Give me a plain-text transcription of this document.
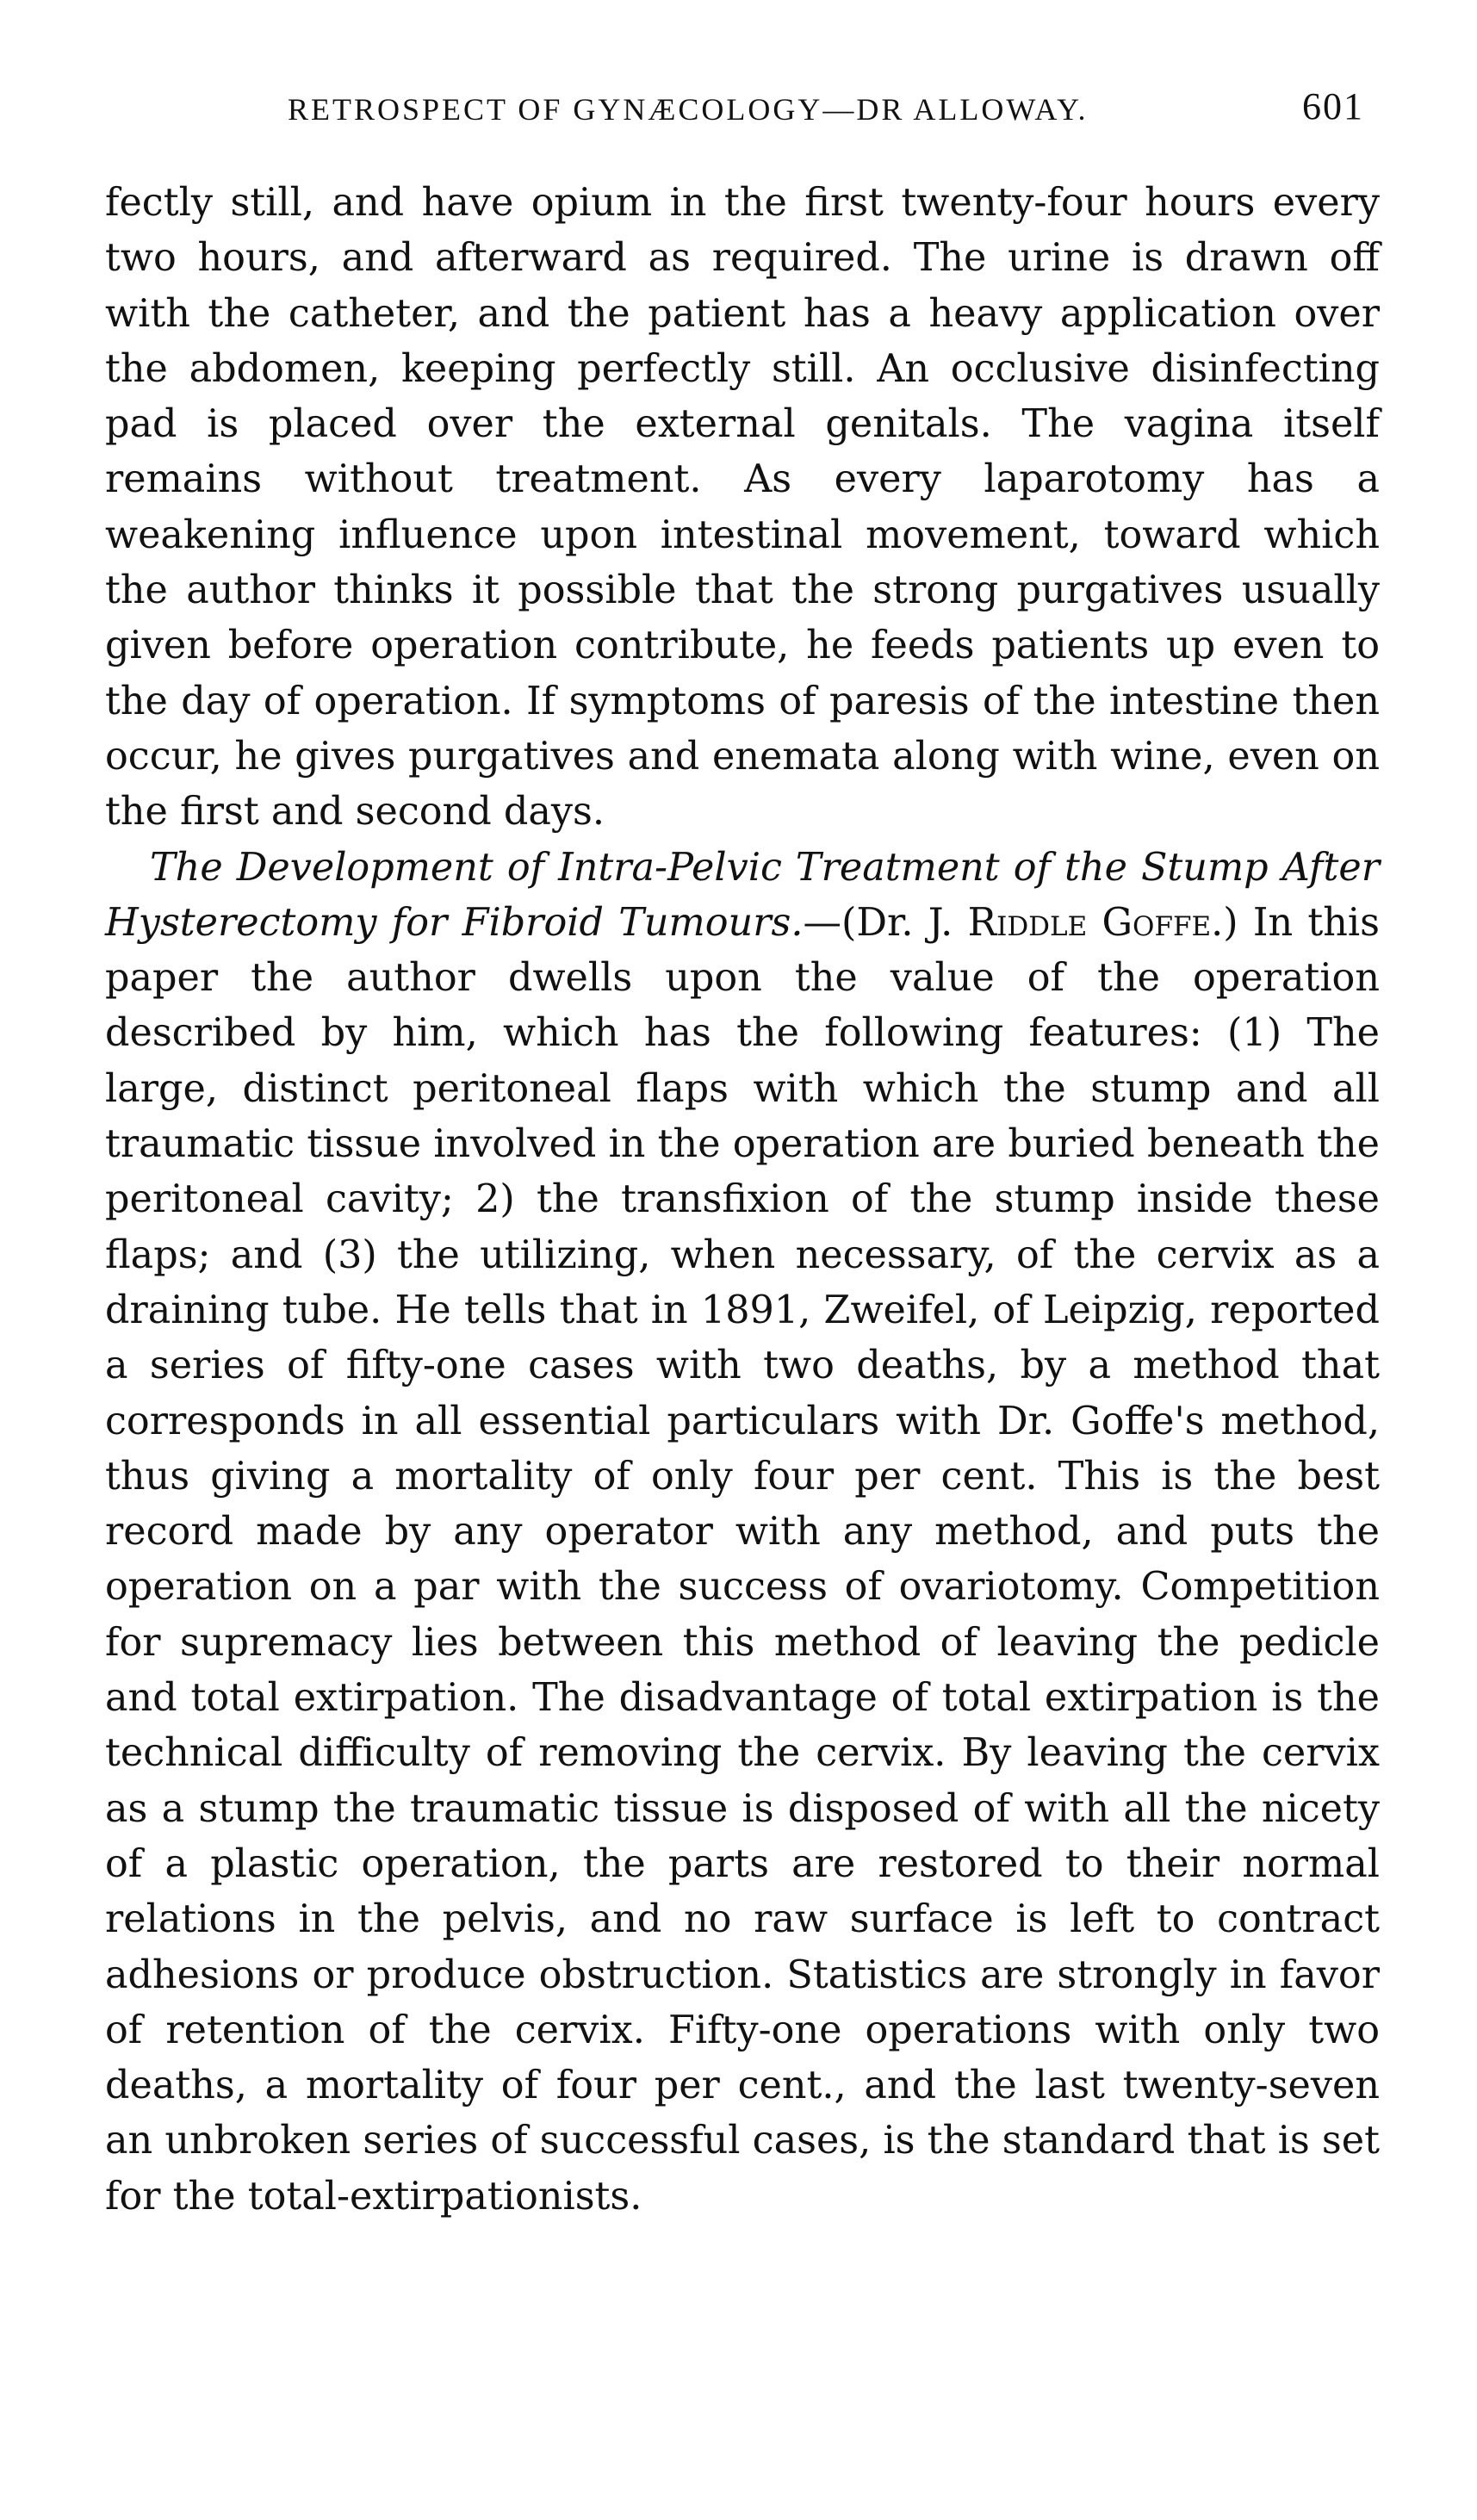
RETROSPECT OF GYNÆCOLOGY—DR ALLOWAY.	601

fectly still, and have opium in the first twenty-four hours every two hours, and afterward as required. The urine is drawn off with the catheter, and the patient has a heavy application over the abdomen, keeping perfectly still. An occlusive disinfecting pad is placed over the external genitals. The vagina itself remains without treatment. As every laparotomy has a weakening influence upon intestinal movement, toward which the author thinks it possible that the strong purgatives usually given before operation contribute, he feeds patients up even to the day of operation. If symptoms of paresis of the intestine then occur, he gives purgatives and enemata along with wine, even on the first and second days.

The Development of Intra-Pelvic Treatment of the Stump After Hysterectomy for Fibroid Tumours.—(Dr. J. Riddle Goffe.) In this paper the author dwells upon the value of the operation described by him, which has the following features: (1) The large, distinct peritoneal flaps with which the stump and all traumatic tissue involved in the operation are buried beneath the peritoneal cavity; 2) the transfixion of the stump inside these flaps; and (3) the utilizing, when necessary, of the cervix as a draining tube. He tells that in 1891, Zweifel, of Leipzig, reported a series of fifty-one cases with two deaths, by a method that corresponds in all essential particulars with Dr. Goffe's method, thus giving a mortality of only four per cent. This is the best record made by any operator with any method, and puts the operation on a par with the success of ovariotomy. Competition for supremacy lies between this method of leaving the pedicle and total extirpation. The disadvantage of total extirpation is the technical difficulty of removing the cervix. By leaving the cervix as a stump the traumatic tissue is disposed of with all the nicety of a plastic operation, the parts are restored to their normal relations in the pelvis, and no raw surface is left to contract adhesions or produce obstruction. Statistics are strongly in favor of retention of the cervix. Fifty-one operations with only two deaths, a mortality of four per cent., and the last twenty-seven an unbroken series of successful cases, is the standard that is set for the total-extirpationists.
